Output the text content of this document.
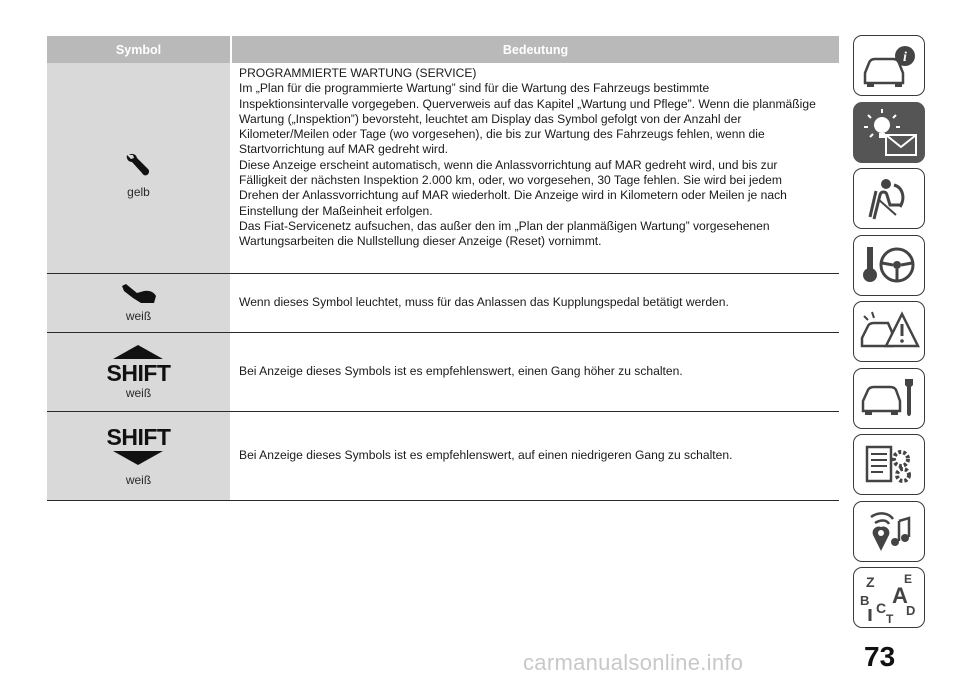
Symbol	Bedeutung
gelb
PROGRAMMIERTE WARTUNG (SERVICE)
Im „Plan für die programmierte Wartung” sind für die Wartung des Fahrzeugs bestimmte
Inspektionsintervalle vorgegeben. Querverweis auf das Kapitel „Wartung und Pflege”. Wenn die planmäßige
Wartung („Inspektion”) bevorsteht, leuchtet am Display das Symbol gefolgt von der Anzahl der
Kilometer/Meilen oder Tage (wo vorgesehen), die bis zur Wartung des Fahrzeugs fehlen, wenn die
Startvorrichtung auf MAR gedreht wird.
Diese Anzeige erscheint automatisch, wenn die Anlassvorrichtung auf MAR gedreht wird, und bis zur
Fälligkeit der nächsten Inspektion 2.000 km, oder, wo vorgesehen, 30 Tage fehlen. Sie wird bei jedem
Drehen der Anlassvorrichtung auf MAR wiederholt. Die Anzeige wird in Kilometern oder Meilen je nach
Einstellung der Maßeinheit erfolgen.
Das Fiat-Servicenetz aufsuchen, das außer den im „Plan der planmäßigen Wartung” vorgesehenen
Wartungsarbeiten die Nullstellung dieser Anzeige (Reset) vornimmt.
weiß
Wenn dieses Symbol leuchtet, muss für das Anlassen das Kupplungspedal betätigt werden.
SHIFT
weiß
Bei Anzeige dieses Symbols ist es empfehlenswert, einen Gang höher zu schalten.
SHIFT
weiß
Bei Anzeige dieses Symbols ist es empfehlenswert, auf einen niedrigeren Gang zu schalten.
i
Z E
B A
C D
T
73
carmanualsonline.info
